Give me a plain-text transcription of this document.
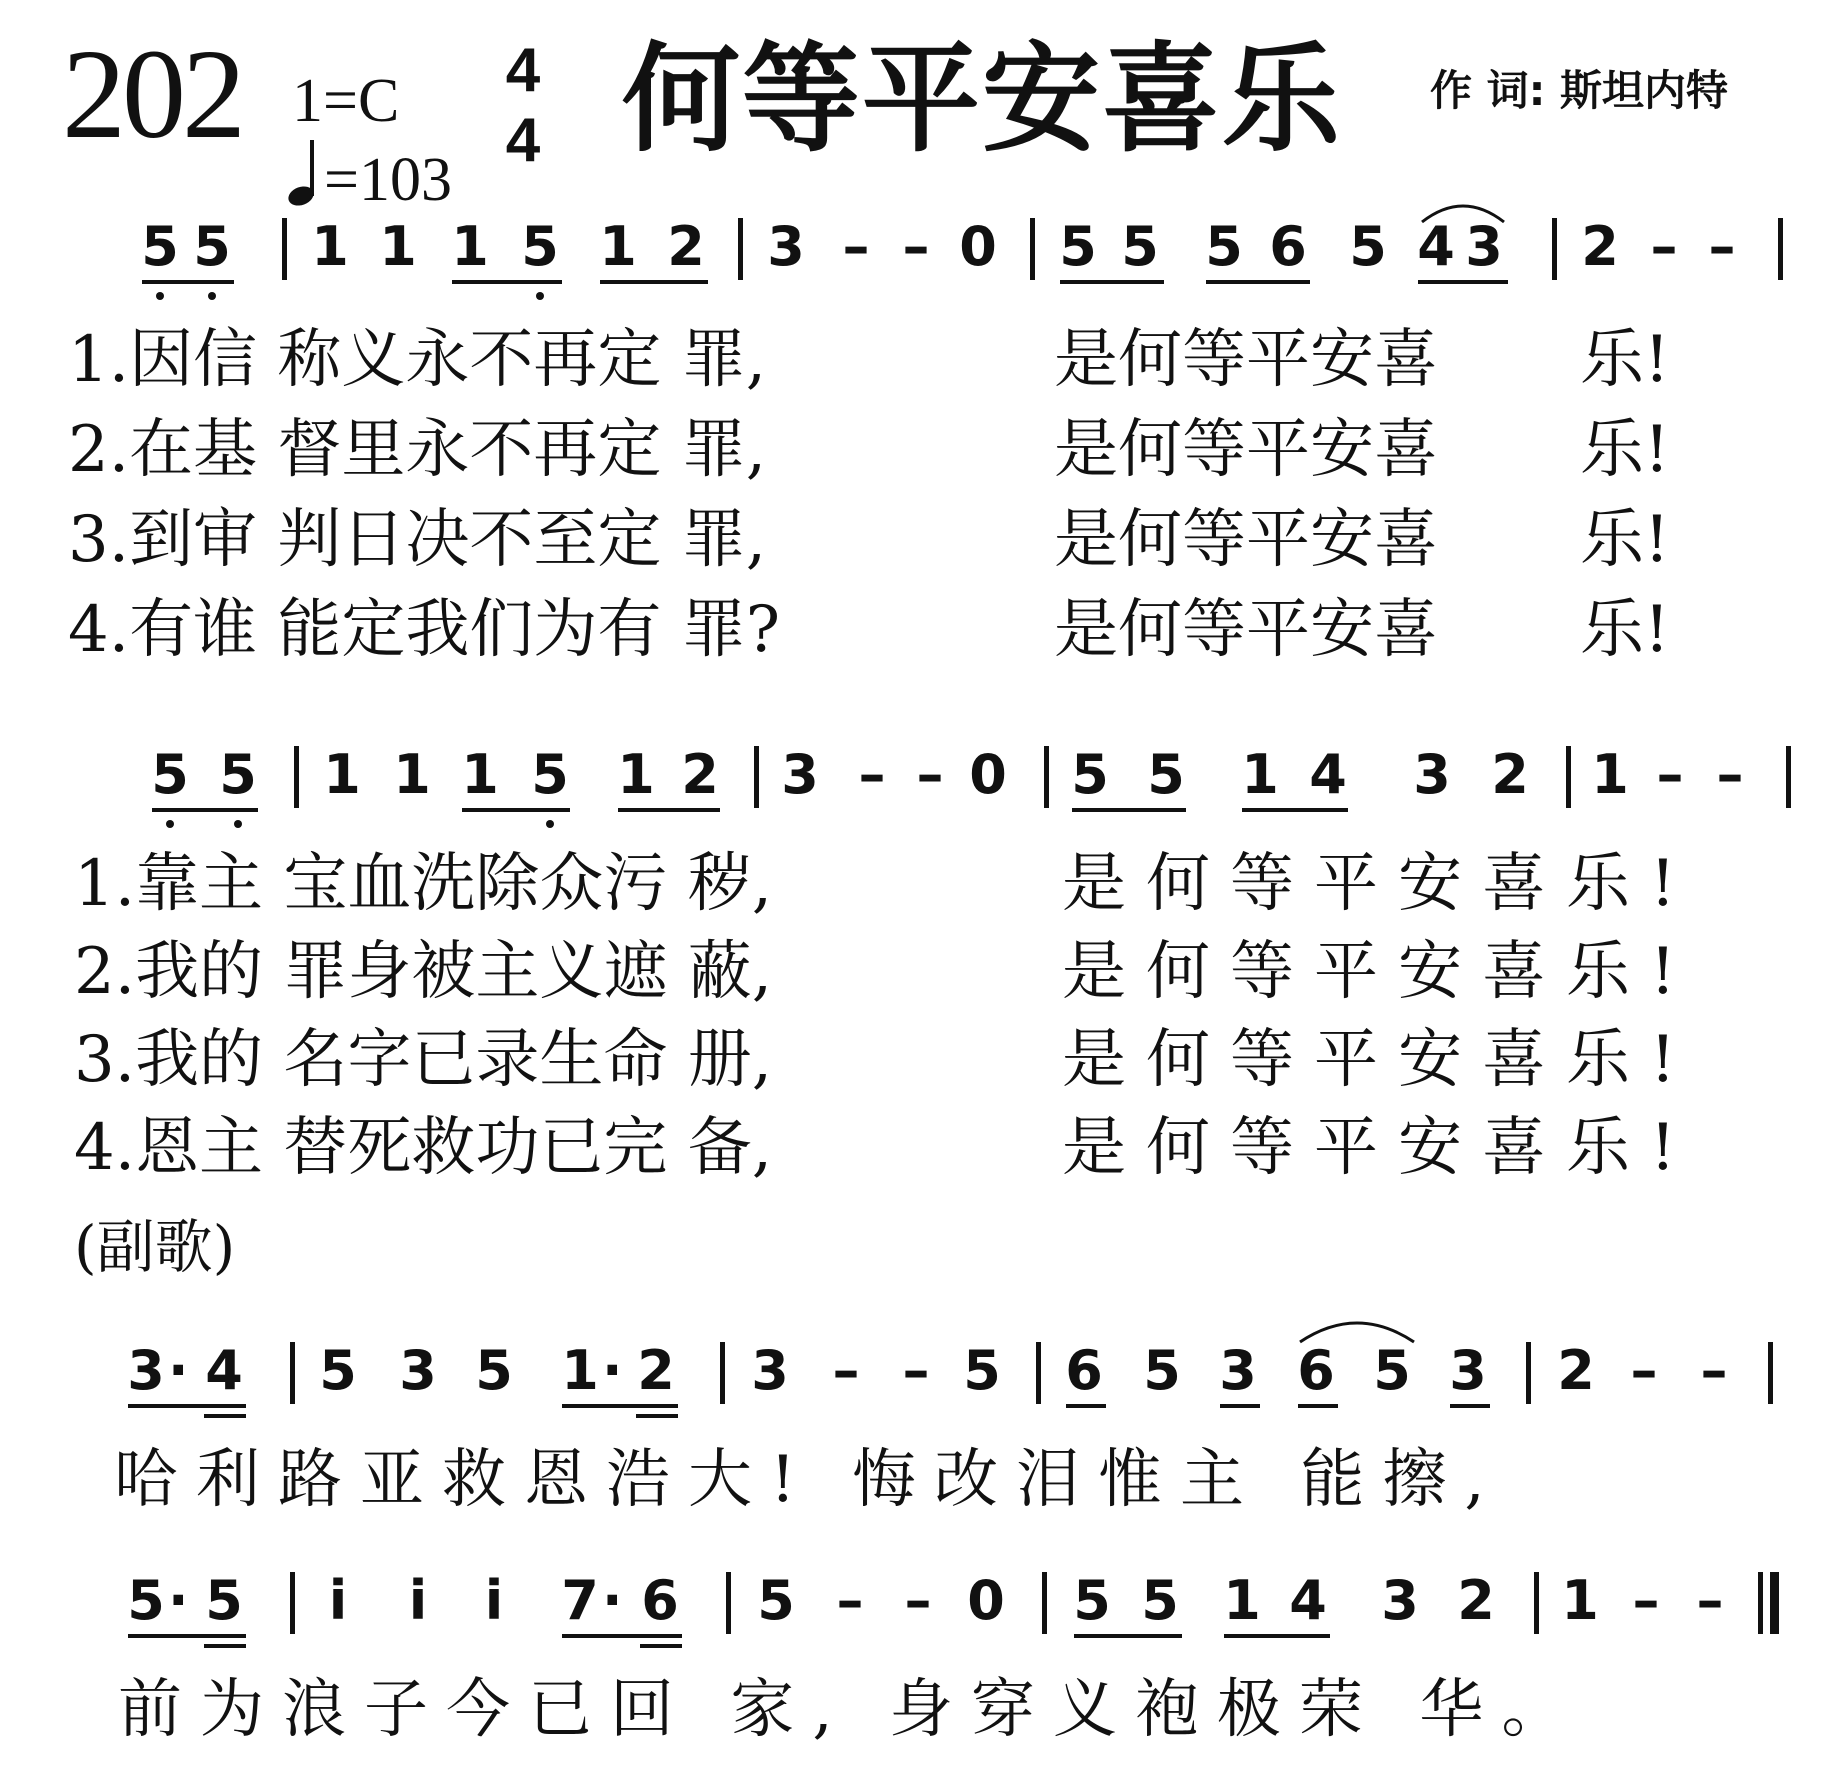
202 1=C
=103
4
4 何等平安喜乐 作 词: 斯坦内特
5 5 1 1 1 5 1 2 3 – – 0 5 5 5 6 5 4 3 2 – –
1.因信 称义永不再定 罪,
2.在基 督里永不再定 罪,
3.到审 判日决不至定 罪,
4.有谁 能定我们为有 罪?
是何等平安喜
是何等平安喜
是何等平安喜
是何等平安喜
乐!
乐!
乐!
乐!
5 5 1 1 1 5 1 2 3 – – 0 5 5 1 4 3 2 1 – –
1.靠主 宝血洗除众污 秽,
2.我的 罪身被主义遮 蔽,
3.我的 名字已录生命 册,
4.恩主 替死救功已完 备,
是何等平安喜乐!
是何等平安喜乐!
是何等平安喜乐!
是何等平安喜乐!
(副歌)
3 · 4 5 3 5 1 · 2 3 – – 5 6 5 3 6 5 3 2 – –
哈利路亚救恩浩大! 悔改泪惟主 能擦,
5 · 5 i i i 7 · 6 5 – – 0 5 5 1 4 3 2 1 – –
前为浪子今已回 家, 身穿义袍极荣 华。
